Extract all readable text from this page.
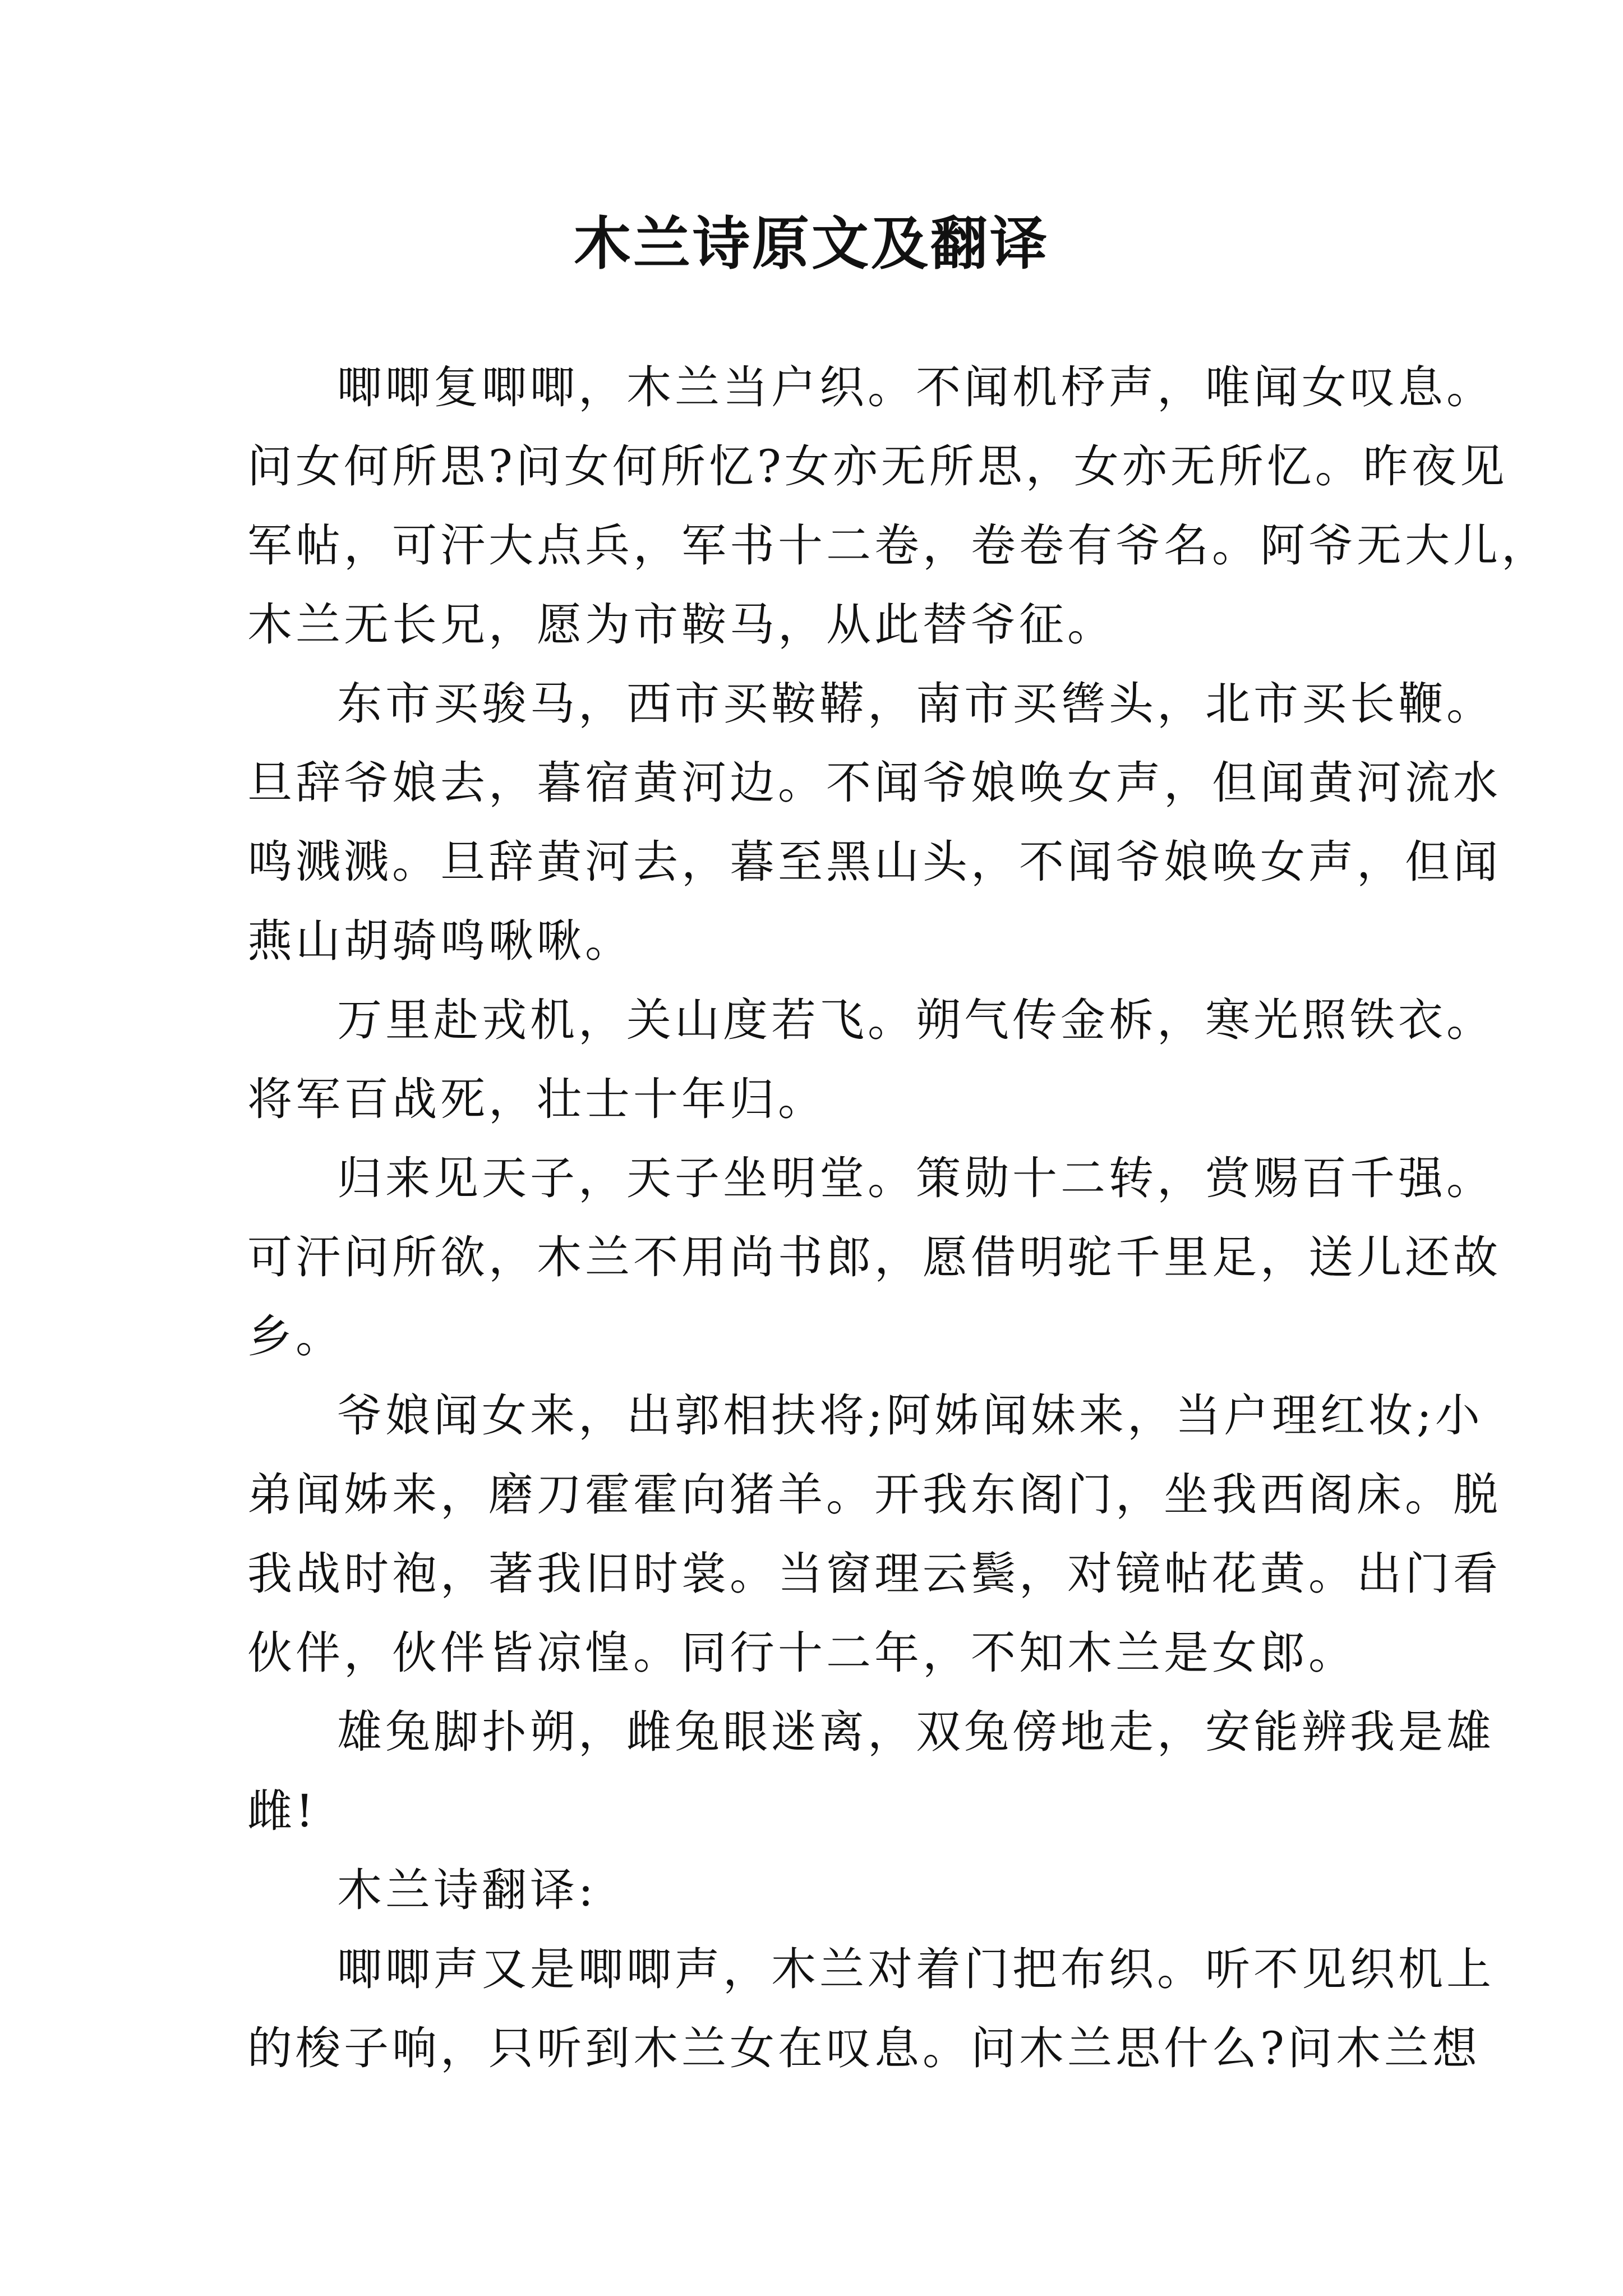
木兰诗原文及翻译
唧唧复唧唧，木兰当户织。不闻机杼声，唯闻女叹息。
问女何所思?问女何所忆?女亦无所思，女亦无所忆。昨夜见
军帖，可汗大点兵，军书十二卷，卷卷有爷名。阿爷无大儿，
木兰无长兄，愿为市鞍马，从此替爷征。
东市买骏马，西市买鞍鞯，南市买辔头，北市买长鞭。
旦辞爷娘去，暮宿黄河边。不闻爷娘唤女声，但闻黄河流水
鸣溅溅。旦辞黄河去，暮至黑山头，不闻爷娘唤女声，但闻
燕山胡骑鸣啾啾。
万里赴戎机，关山度若飞。朔气传金柝，寒光照铁衣。
将军百战死，壮士十年归。
归来见天子，天子坐明堂。策勋十二转，赏赐百千强。
可汗问所欲，木兰不用尚书郎，愿借明驼千里足，送儿还故
乡。
爷娘闻女来，出郭相扶将;阿姊闻妹来，当户理红妆;小
弟闻姊来，磨刀霍霍向猪羊。开我东阁门，坐我西阁床。脱
我战时袍，著我旧时裳。当窗理云鬓，对镜帖花黄。出门看
伙伴，伙伴皆凉惶。同行十二年，不知木兰是女郎。
雄兔脚扑朔，雌兔眼迷离，双兔傍地走，安能辨我是雄
雌!
木兰诗翻译:
唧唧声又是唧唧声，木兰对着门把布织。听不见织机上
的梭子响，只听到木兰女在叹息。问木兰思什么?问木兰想
